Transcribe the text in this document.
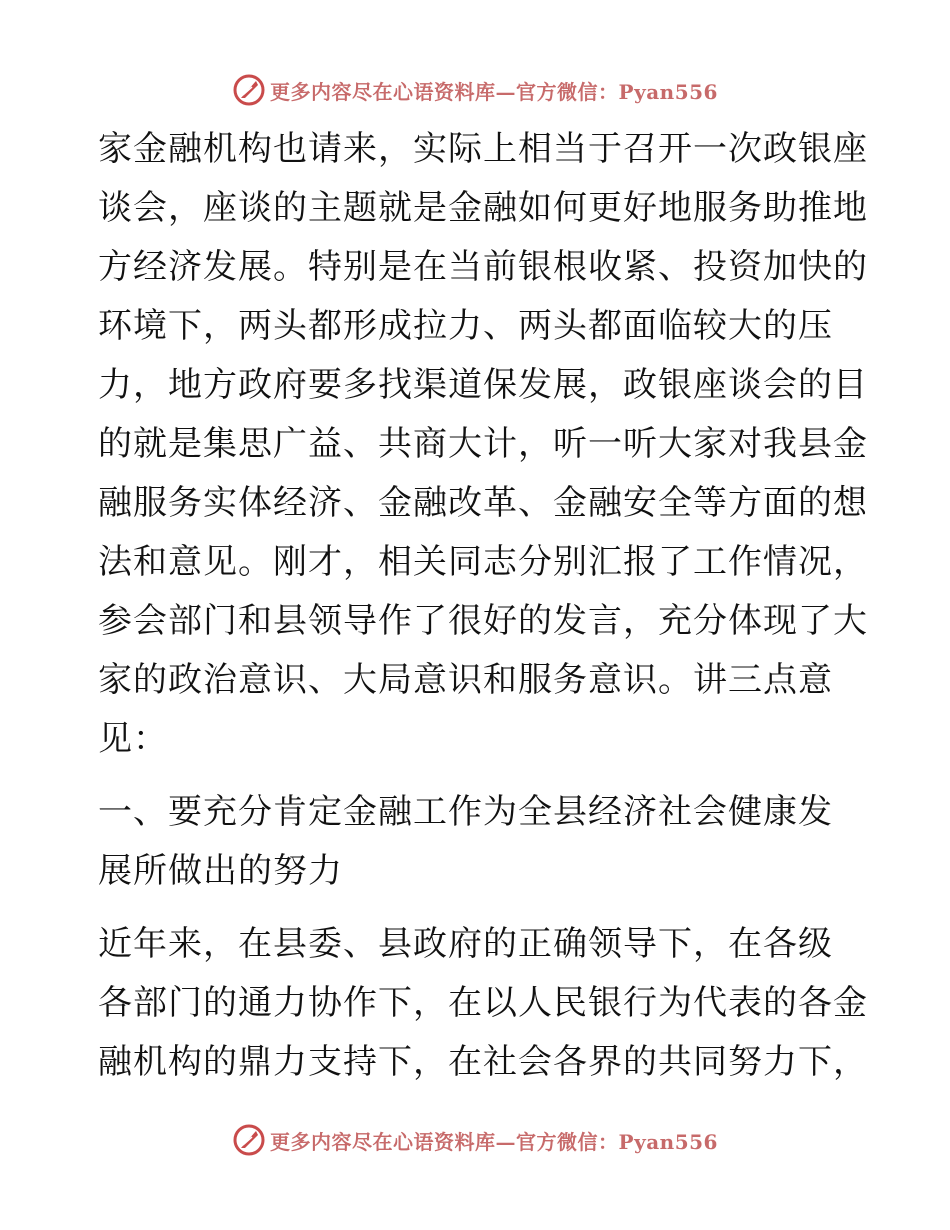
更多内容尽在心语资料库—官方微信：Pyan556
家金融机构也请来，实际上相当于召开一次政银座
谈会，座谈的主题就是金融如何更好地服务助推地
方经济发展。特别是在当前银根收紧、投资加快的
环境下，两头都形成拉力、两头都面临较大的压
力，地方政府要多找渠道保发展，政银座谈会的目
的就是集思广益、共商大计，听一听大家对我县金
融服务实体经济、金融改革、金融安全等方面的想
法和意见。刚才，相关同志分别汇报了工作情况，
参会部门和县领导作了很好的发言，充分体现了大
家的政治意识、大局意识和服务意识。讲三点意
见：
一、要充分肯定金融工作为全县经济社会健康发
展所做出的努力
近年来，在县委、县政府的正确领导下，在各级
各部门的通力协作下，在以人民银行为代表的各金
融机构的鼎力支持下，在社会各界的共同努力下，
更多内容尽在心语资料库—官方微信：Pyan556
